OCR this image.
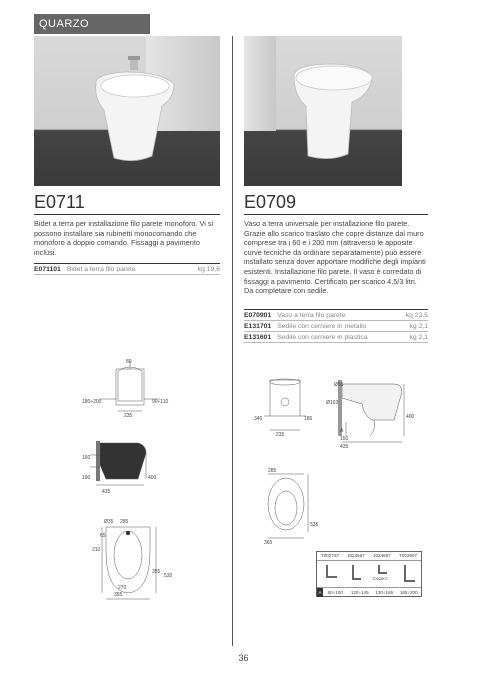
QUARZO
E0711
Bidet a terra per installazione filo parete monoforo. Vi si possono installare sia rubinetti monocomando che monoforo a doppio comando. Fissaggi a pavimento inclusi.
E071101 Bidet a terra filo parete	kg 19,6
E0709
Vaso a terra universale per installazione filo parete. Grazie allo scarico traslato che copre distanze dal muro comprese tra i 60 e i 200 mm (attraverso le apposite curve tecniche da ordinare separatamente) può essere installato senza dover apportare modifiche degli impianti esistenti. Installazione filo parete. Il vaso è corredato di fissaggi a pavimento. Certificato per scarico 4.5/3 litri. Da completare con sedile.
E070901 Vaso a terra filo parete	kg 23,5
E131701 Sedile con cerniere in metallo	kg 2,1
E131601 Sedile con cerniere in plastica	kg 2,1
80
180÷200	90÷110
235
160
190	400
435
Ø35 285
65
210
355
530
270
355
340	185
235
Ø55
Ø103
400
A
150
435
285
535
365
T002757	J024667	J024667	T002907
T002807
A	60÷100	120÷145	130÷165	165÷200
36
